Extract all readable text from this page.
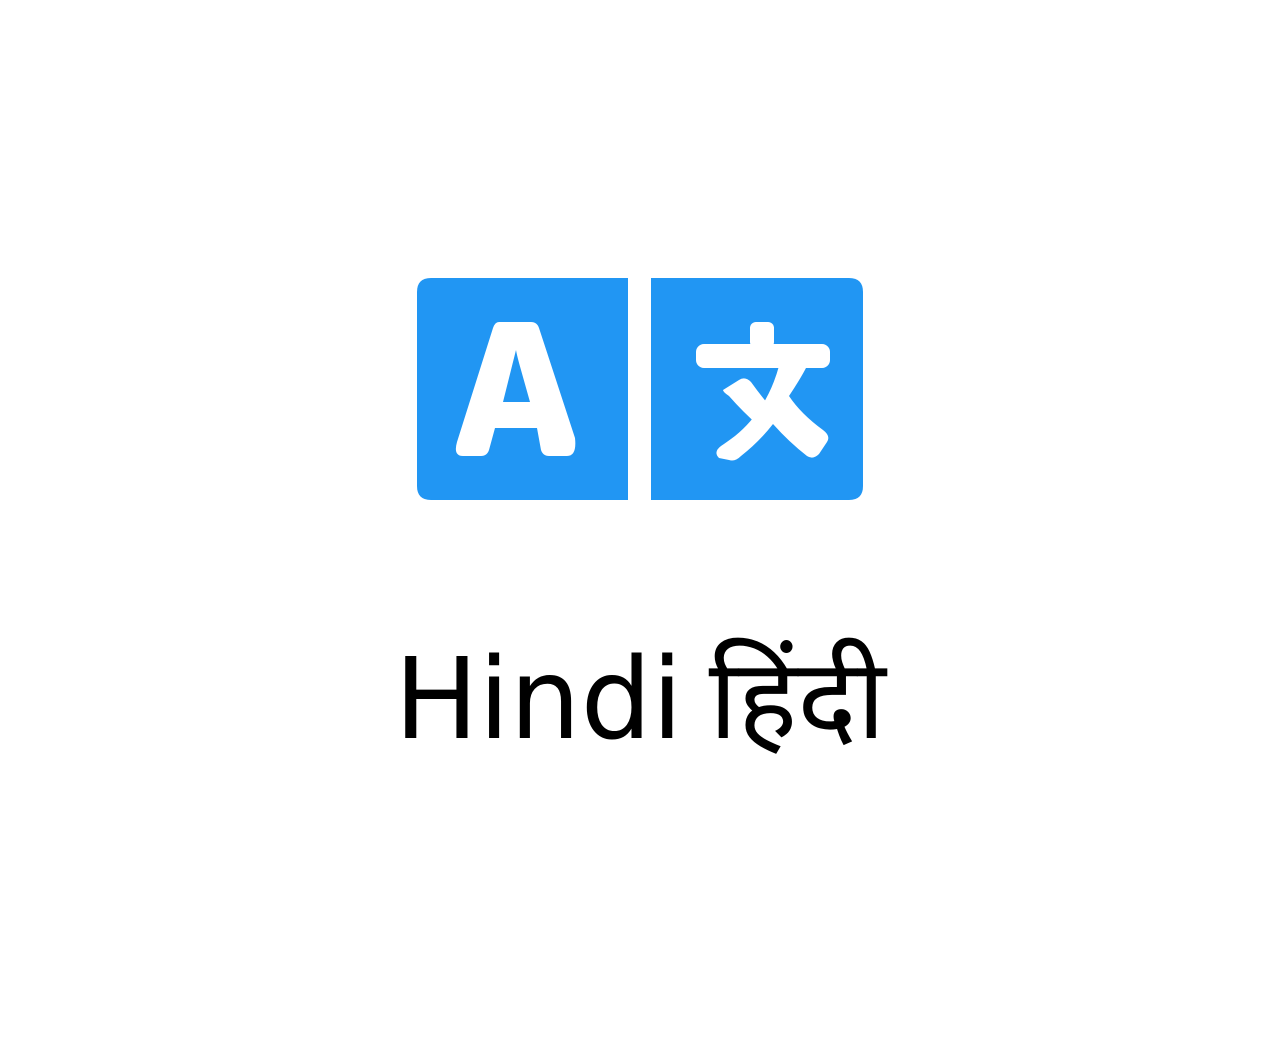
Hindi हिंदी
